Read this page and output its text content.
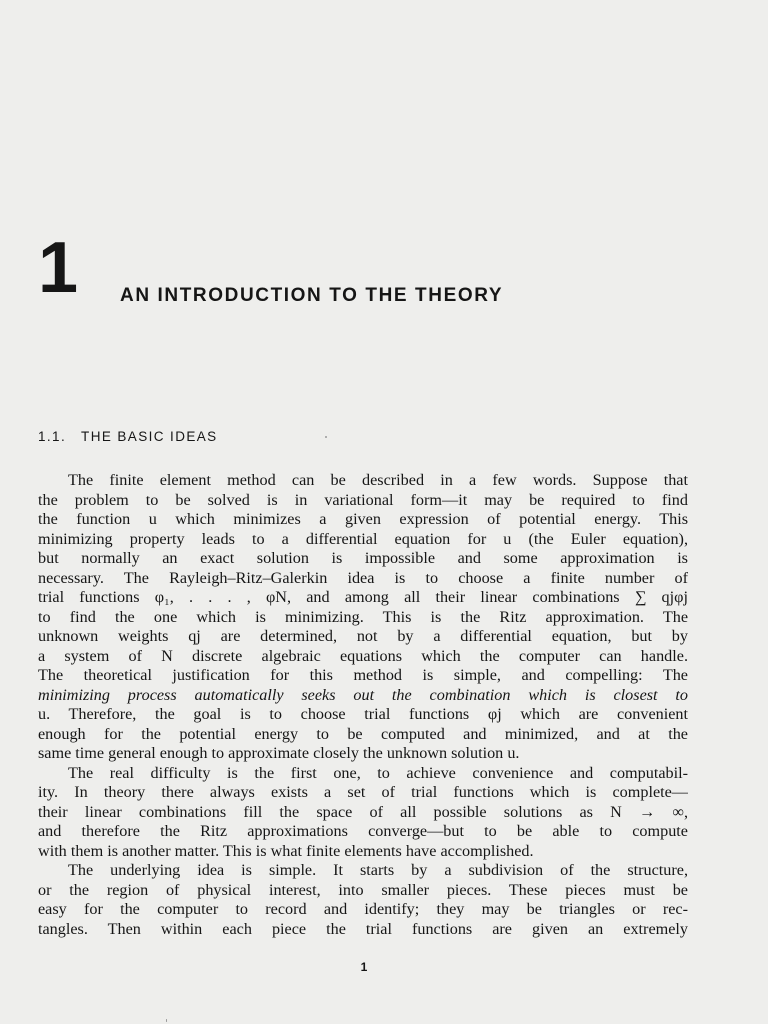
1 AN INTRODUCTION TO THE THEORY
1.1. THE BASIC IDEAS
The finite element method can be described in a few words. Suppose that
the problem to be solved is in variational form—it may be required to find
the function u which minimizes a given expression of potential energy. This
minimizing property leads to a differential equation for u (the Euler equation),
but normally an exact solution is impossible and some approximation is
necessary. The Rayleigh–Ritz–Galerkin idea is to choose a finite number of
trial functions φ₁, . . . , φN, and among all their linear combinations ∑ qjφj
to find the one which is minimizing. This is the Ritz approximation. The
unknown weights qj are determined, not by a differential equation, but by
a system of N discrete algebraic equations which the computer can handle.
The theoretical justification for this method is simple, and compelling: The
minimizing process automatically seeks out the combination which is closest to
u. Therefore, the goal is to choose trial functions φj which are convenient
enough for the potential energy to be computed and minimized, and at the
same time general enough to approximate closely the unknown solution u.
The real difficulty is the first one, to achieve convenience and computabil-
ity. In theory there always exists a set of trial functions which is complete—
their linear combinations fill the space of all possible solutions as N → ∞,
and therefore the Ritz approximations converge—but to be able to compute
with them is another matter. This is what finite elements have accomplished.
The underlying idea is simple. It starts by a subdivision of the structure,
or the region of physical interest, into smaller pieces. These pieces must be
easy for the computer to record and identify; they may be triangles or rec-
tangles. Then within each piece the trial functions are given an extremely
1
